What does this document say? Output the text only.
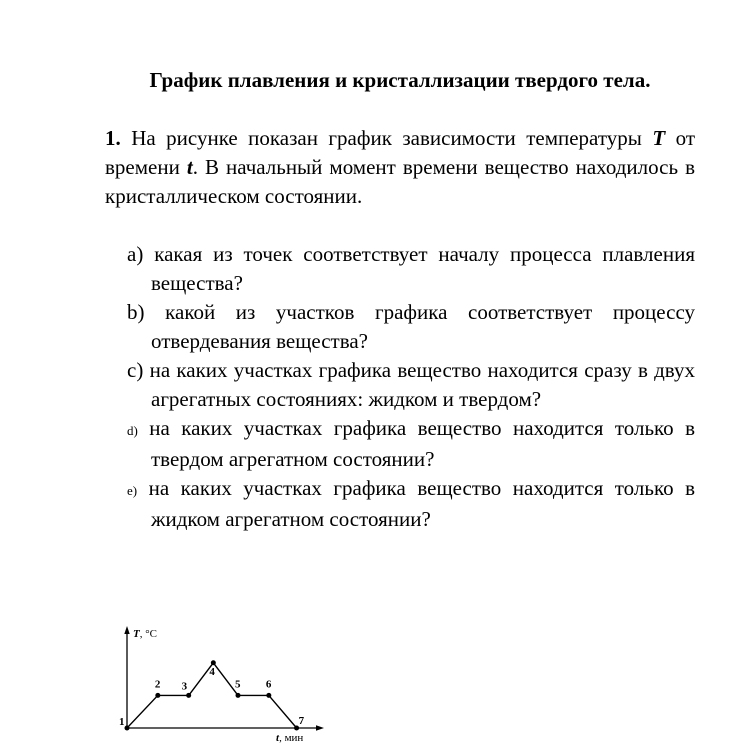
График плавления и кристаллизации твердого тела.
1. На рисунке показан график зависимости температуры T от времени t. В начальный момент времени вещество находилось в кристаллическом состоянии.
a) какая из точек соответствует началу процесса плавления вещества?
b) какой из участков графика соответствует процессу отвердевания вещества?
c) на каких участках графика вещество находится сразу в двух агрегатных состояниях: жидком и твердом?
d) на каких участках графика вещество находится только в твердом агрегатном состоянии?
e) на каких участках графика вещество находится только в жидком агрегатном состоянии?
T, °C
t, мин
1
2 3
4
5 6
7
